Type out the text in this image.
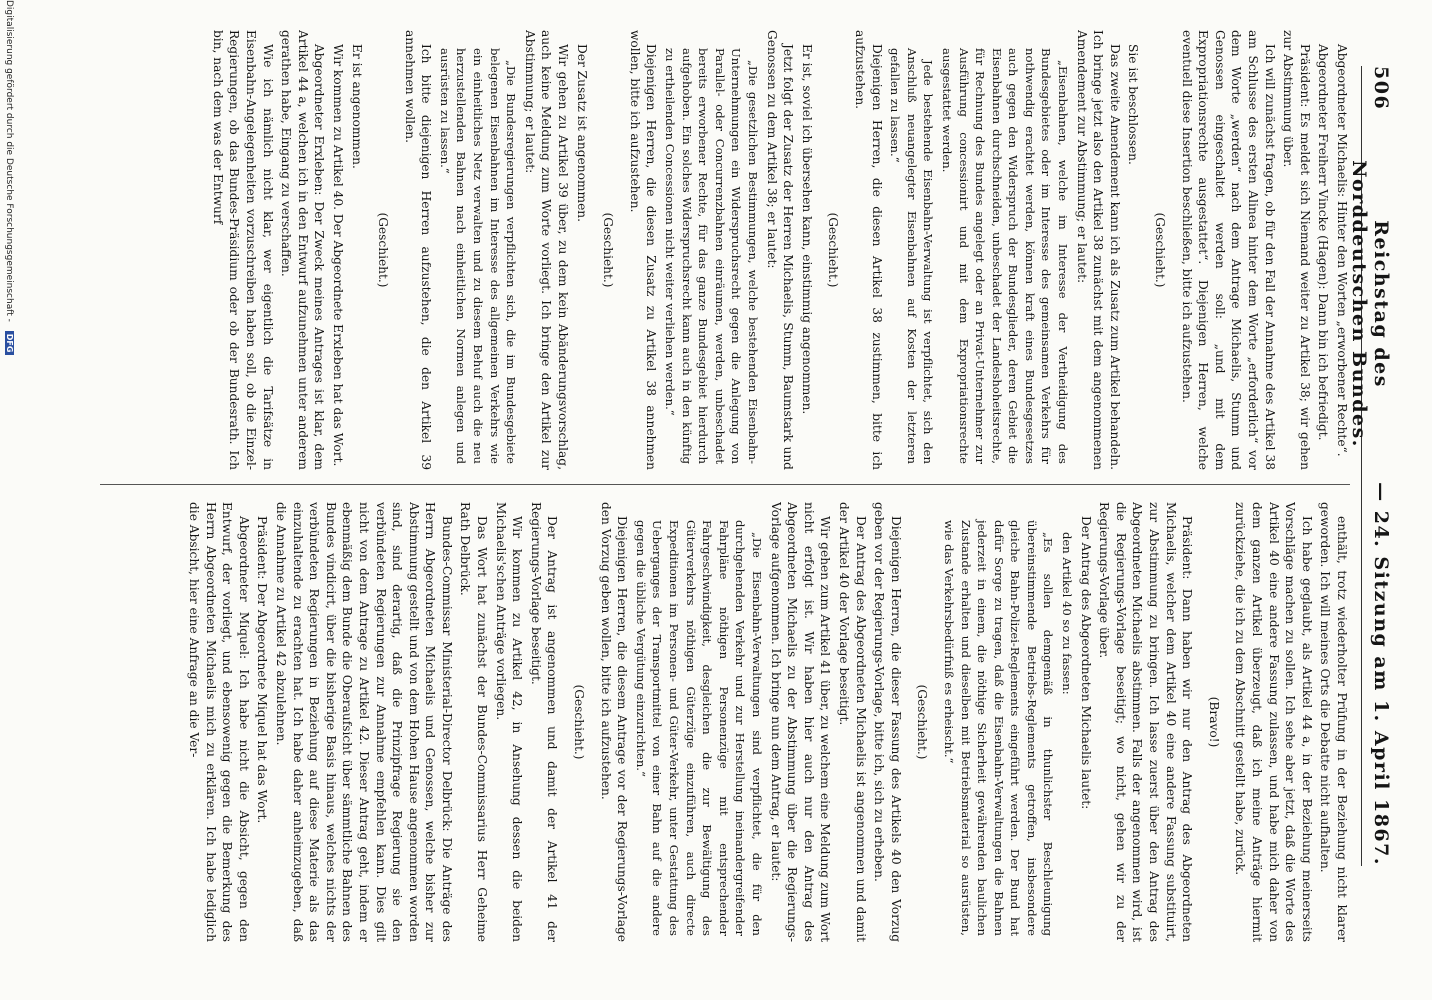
506
Reichstag des Norddeutschen Bundes.
— 24. Sitzung am 1. April 1867.

Abgeordneter Michaelis: Hinter den Worten „erworbener Rechte“.

Abgeordneter Freiherr Vincke (Hagen): Dann bin ich befriedigt.

Präsident: Es meldet sich Niemand weiter zu Artikel 38; wir gehen zur Abstimmung über.

Ich will zunächst fragen, ob für den Fall der Annahme des Artikel 38 am Schlusse des ersten Alinea hinter dem Worte „erforderlich“ vor dem Worte „werden“ nach dem Antrage Michaelis, Stumm und Genossen eingeschaltet werden soll: „und mit dem Expropriationsrechte ausgestattet“. Diejenigen Herren, welche eventuell diese Insertion beschließen, bitte ich aufzustehen.

(Geschieht.)

Sie ist beschlossen.

Das zweite Amendement kann ich als Zusatz zum Artikel behandeln. Ich bringe jetzt also den Artikel 38 zunächst mit dem angenommenen Amendement zur Abstimmung; er lautet:

„Eisenbahnen, welche im Interesse der Vertheidigung des Bundesgebietes oder im Interesse des gemeinsamen Verkehrs für nothwendig erachtet werden, können kraft eines Bundesgesetzes auch gegen den Widerspruch der Bundesglieder, deren Gebiet die Eisenbahnen durchschneiden, unbeschadet der Landeshoheitsrechte, für Rechnung des Bundes angelegt oder an Privat-Unternehmer zur Ausführung concessionirt und mit dem Expropriationsrechte ausgestattet werden.

Jede bestehende Eisenbahn-Verwaltung ist verpflichtet, sich den Anschluß neuangelegter Eisenbahnen auf Kosten der letzteren gefallen zu lassen.“

Diejenigen Herren, die diesen Artikel 38 zustimmen, bitte ich aufzustehen.

(Geschieht.)

Er ist, soviel ich übersehen kann, einstimmig angenommen.

Jetzt folgt der Zusatz der Herren Michaelis, Stumm, Baumstark und Genossen zu dem Artikel 38; er lautet:

„Die gesetzlichen Bestimmungen, welche bestehenden Eisenbahn-Unternehmungen ein Widerspruchsrecht gegen die Anlegung von Parallel- oder Concurrenzbahnen einräumen, werden, unbeschadet bereits erworbener Rechte, für das ganze Bundesgebiet hierdurch aufgehoben. Ein solches Widerspruchsrecht kann auch in den künftig zu ertheilenden Concessionen nicht weiter verliehen werden.“

Diejenigen Herren, die diesen Zusatz zu Artikel 38 annehmen wollen, bitte ich aufzustehen.

(Geschieht.)

Der Zusatz ist angenommen.

Wir gehen zu Artikel 39 über, zu dem kein Abänderungsvorschlag, auch keine Meldung zum Worte vorliegt. Ich bringe den Artikel zur Abstimmung; er lautet:

„Die Bundesregierungen verpflichten sich, die im Bundesgebiete belegenen Eisenbahnen im Interesse des allgemeinen Verkehrs wie ein einheitliches Netz verwalten und zu diesem Behuf auch die neu herzustellenden Bahnen nach einheitlichen Normen anlegen und ausrüsten zu lassen.“

Ich bitte diejenigen Herren aufzustehen, die den Artikel 39 annehmen wollen.

(Geschieht.)

Er ist angenommen.

Wir kommen zu Artikel 40. Der Abgeordnete Erxleben hat das Wort.

Abgeordneter Erxleben: Der Zweck meines Antrages ist klar, dem Artikel 44 a, welchen ich in den Entwurf aufzunehmen unter anderem gerathen habe, Eingang zu verschaffen.

Wie ich nämlich nicht klar, wer eigentlich die Tarifsätze in Eisenbahn-Angelegenheiten vorzuschreiben haben soll, ob die Einzel-Regierungen, ob das Bundes-Präsidium oder ob der Bundesrath. Ich bin, nach dem was der Entwurf

enthält, trotz wiederholter Prüfung in der Beziehung nicht klarer geworden. Ich will meines Orts die Debatte nicht aufhalten.

Ich habe geglaubt, als Artikel 44 a, in der Beziehung meinerseits Vorschläge machen zu sollen. Ich sehe aber jetzt, daß die Worte des Artikel 40 eine andere Fassung zulassen, und habe mich daher von dem ganzen Artikel überzeugt, daß ich meine Anträge hiermit zurückziehe, die ich zu dem Abschnitt gestellt habe, zurück.

(Bravo!)

Präsident: Dann haben wir nur den Antrag des Abgeordneten Michaelis, welcher dem Artikel 40 eine andere Fassung substituirt, zur Abstimmung zu bringen. Ich lasse zuerst über den Antrag des Abgeordneten Michaelis abstimmen. Falls der angenommen wird, ist die Regierungs-Vorlage beseitigt; wo nicht, gehen wir zu der Regierungs-Vorlage über.

Der Antrag des Abgeordneten Michaelis lautet:

den Artikel 40 so zu fassen:

„Es sollen demgemäß in thunlichster Beschleunigung übereinstimmende Betriebs-Reglements getroffen, insbesondere gleiche Bahn-Polizei-Reglements eingeführt werden. Der Bund hat dafür Sorge zu tragen, daß die Eisenbahn-Verwaltungen die Bahnen jederzeit in einem, die nöthige Sicherheit gewährenden baulichen Zustande erhalten und dieselben mit Betriebsmaterial so ausrüsten, wie das Verkehrsbedürfniß es erheischt.“

(Geschieht.)

Diejenigen Herren, die dieser Fassung des Artikels 40 den Vorzug geben vor der Regierungs-Vorlage, bitte ich, sich zu erheben.

Der Antrag des Abgeordneten Michaelis ist angenommen und damit der Artikel 40 der Vorlage beseitigt.

Wir gehen zum Artikel 41 über, zu welchem eine Meldung zum Wort nicht erfolgt ist. Wir haben hier auch nur den Antrag des Abgeordneten Michaelis zu der Abstimmung über die Regierungs-Vorlage aufgenommen. Ich bringe nun dem Antrag, er lautet:

„Die Eisenbahn-Verwaltungen sind verpflichtet, die für den durchgehenden Verkehr und zur Herstellung ineinandergreifender Fahrpläne nöthigen Personenzüge mit entsprechender Fahrgeschwindigkeit, desgleichen die zur Bewältigung des Güterverkehrs nöthigen Güterzüge einzuführen, auch directe Expeditionen im Personen- und Güter-Verkehr, unter Gestattung des Ueberganges der Transportmittel von einer Bahn auf die andere gegen die übliche Vergütung einzurichten.“

Diejenigen Herren, die diesem Antrage vor der Regierungs-Vorlage den Vorzug geben wollen, bitte ich aufzustehen.

(Geschieht.)

Der Antrag ist angenommen und damit der Artikel 41 der Regierungs-Vorlage beseitigt.

Wir kommen zu Artikel 42, in Ansehung dessen die beiden Michaelis'schen Anträge vorliegen.

Das Wort hat zunächst der Bundes-Commissarius Herr Geheime Rath Delbrück.

Bundes-Commissar Ministerial-Director Delbrück: Die Anträge des Herrn Abgeordneten Michaelis und Genossen, welche bisher zur Abstimmung gestellt und von dem Hohen Hause angenommen worden sind, sind derartig, daß die Prinzipfrage Regierung sie den verbündeten Regierungen zur Annahme empfehlen kann. Dies gilt nicht von dem Antrage zu Artikel 42. Dieser Antrag geht, indem er ebenmäßig dem Bunde die Oberaufsicht über sämmtliche Bahnen des Bundes vindicirt, über die bisherige Basis hinaus, welches nichts der verbündeten Regierungen in Beziehung auf diese Materie als das einzuhaltende zu erachten hat. Ich habe daher anheimzugeben, daß die Annahme zu Artikel 42 abzulehnen.

Präsident: Der Abgeordnete Miquel hat das Wort.

Abgeordneter Miquel: Ich habe nicht die Absicht, gegen den Entwurf, der vorliegt, und ebensowenig gegen die Bemerkung des Herrn Abgeordneten Michaelis mich zu erklären. Ich habe lediglich die Absicht, hier eine Anfrage an die Ver-

Digitalisierung gefördert durch die Deutsche Forschungsgemeinschaft - DFG
